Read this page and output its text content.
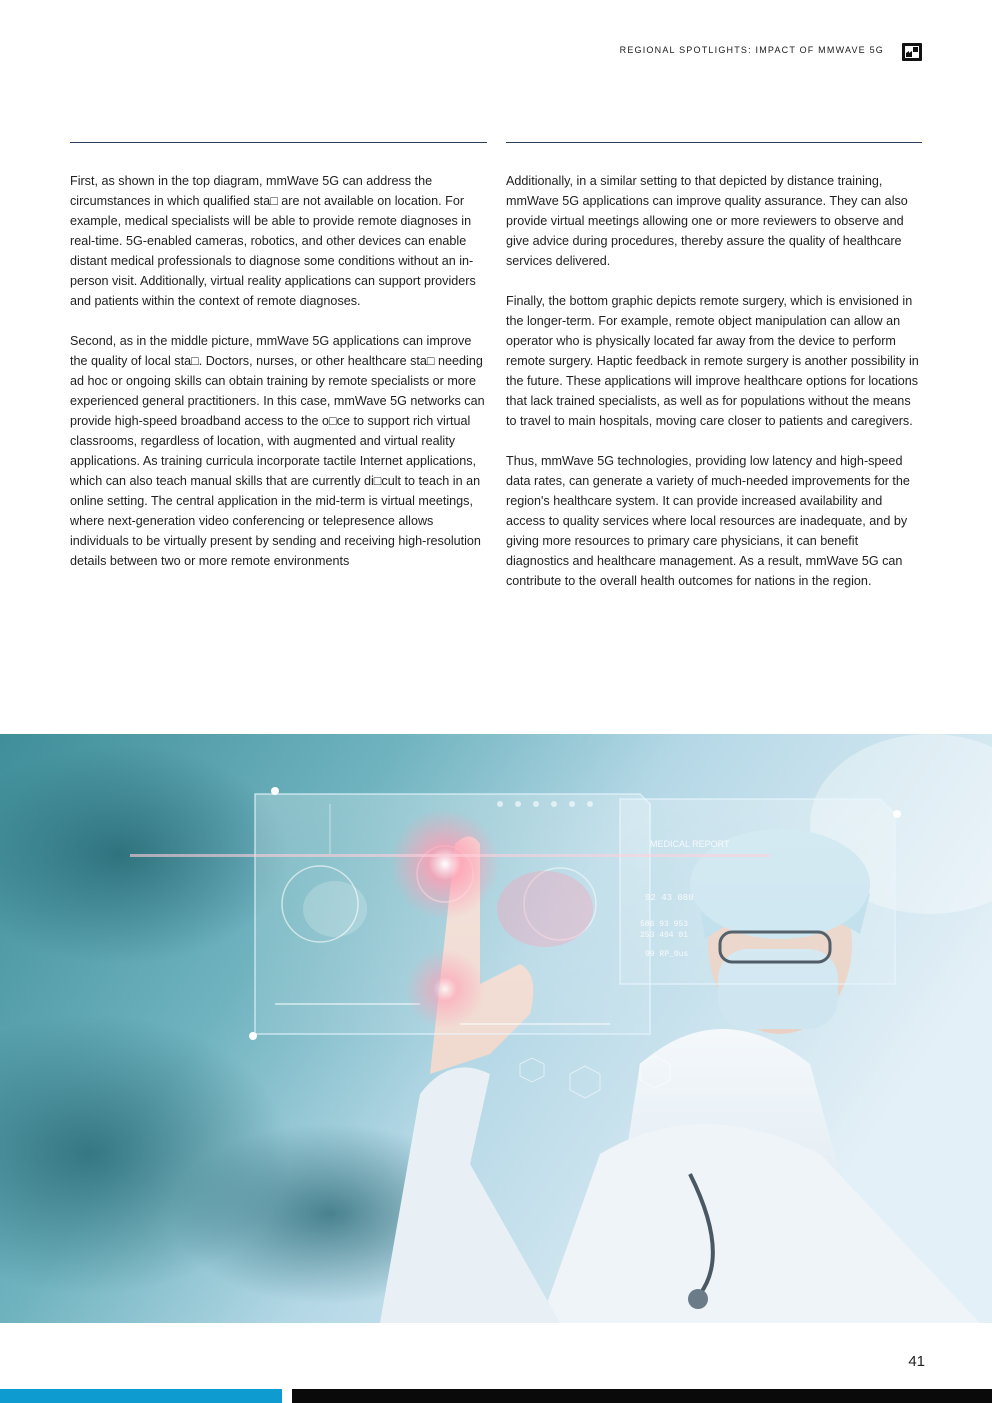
REGIONAL SPOTLIGHTS: IMPACT OF MMWAVE 5G

First, as shown in the top diagram, mmWave 5G can address the circumstances in which qualified sta□ are not available on location. For example, medical specialists will be able to provide remote diagnoses in real-time. 5G-enabled cameras, robotics, and other devices can enable distant medical professionals to diagnose some conditions without an in-person visit. Additionally, virtual reality applications can support providers and patients within the context of remote diagnoses.

Second, as in the middle picture, mmWave 5G applications can improve the quality of local sta□. Doctors, nurses, or other healthcare sta□ needing ad hoc or ongoing skills can obtain training by remote specialists or more experienced general practitioners. In this case, mmWave 5G networks can provide high-speed broadband access to the o□ce to support rich virtual classrooms, regardless of location, with augmented and virtual reality applications. As training curricula incorporate tactile Internet applications, which can also teach manual skills that are currently di□cult to teach in an online setting. The central application in the mid-term is virtual meetings, where next-generation video conferencing or telepresence allows individuals to be virtually present by sending and receiving high-resolution details between two or more remote environments

Additionally, in a similar setting to that depicted by distance training, mmWave 5G applications can improve quality assurance. They can also provide virtual meetings allowing one or more reviewers to observe and give advice during procedures, thereby assure the quality of healthcare services delivered.

Finally, the bottom graphic depicts remote surgery, which is envisioned in the longer-term. For example, remote object manipulation can allow an operator who is physically located far away from the device to perform remote surgery. Haptic feedback in remote surgery is another possibility in the future. These applications will improve healthcare options for locations that lack trained specialists, as well as for populations without the means to travel to main hospitals, moving care closer to patients and caregivers.

Thus, mmWave 5G technologies, providing low latency and high-speed data rates, can generate a variety of much-needed improvements for the region's healthcare system. It can provide increased availability and access to quality services where local resources are inadequate, and by giving more resources to primary care physicians, it can benefit diagnostics and healthcare management. As a result, mmWave 5G can contribute to the overall health outcomes for nations in the region.

MEDICAL REPORT
92 43 080
586 93 953
253 494 01
99 RP_0us
41
